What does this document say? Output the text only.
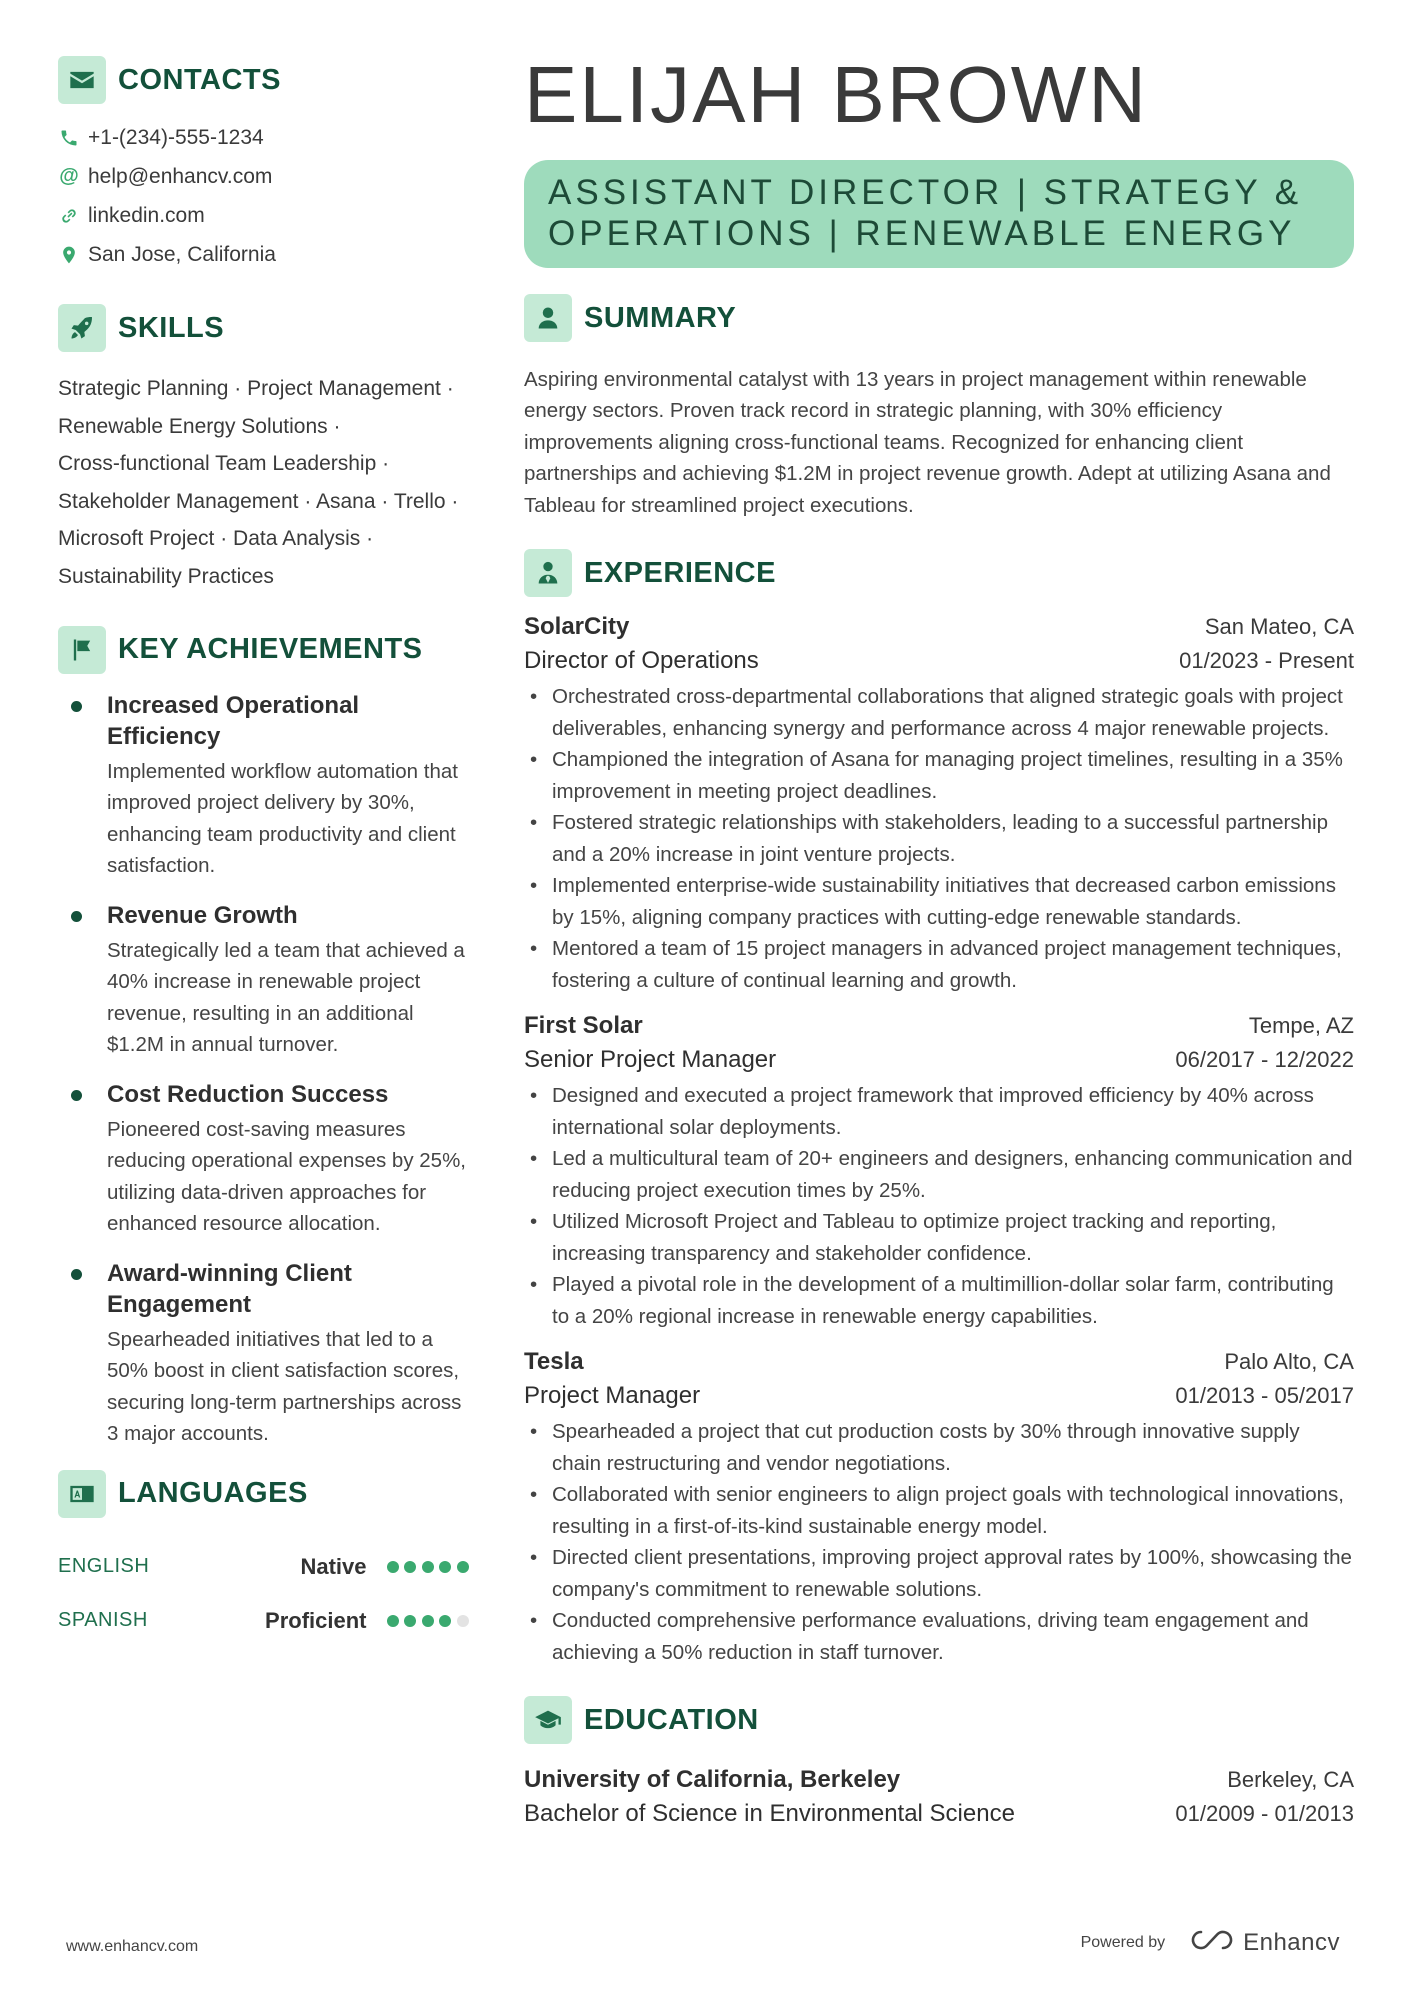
CONTACTS
+1-(234)-555-1234
@ help@enhancv.com
linkedin.com
San Jose, California
SKILLS
Strategic Planning · Project Management ·
Renewable Energy Solutions ·
Cross-functional Team Leadership ·
Stakeholder Management · Asana · Trello ·
Microsoft Project · Data Analysis ·
Sustainability Practices
KEY ACHIEVEMENTS
Increased Operational Efficiency
Implemented workflow automation that improved project delivery by 30%, enhancing team productivity and client satisfaction.
Revenue Growth
Strategically led a team that achieved a 40% increase in renewable project revenue, resulting in an additional $1.2M in annual turnover.
Cost Reduction Success
Pioneered cost-saving measures reducing operational expenses by 25%, utilizing data-driven approaches for enhanced resource allocation.
Award-winning Client Engagement
Spearheaded initiatives that led to a 50% boost in client satisfaction scores, securing long-term partnerships across 3 major accounts.
LANGUAGES
ENGLISH	Native
SPANISH	Proficient
ELIJAH BROWN
ASSISTANT DIRECTOR | STRATEGY &
OPERATIONS | RENEWABLE ENERGY
SUMMARY
Aspiring environmental catalyst with 13 years in project management within renewable energy sectors. Proven track record in strategic planning, with 30% efficiency improvements aligning cross-functional teams. Recognized for enhancing client partnerships and achieving $1.2M in project revenue growth. Adept at utilizing Asana and Tableau for streamlined project executions.
EXPERIENCE
SolarCity	San Mateo, CA
Director of Operations	01/2023 - Present
• Orchestrated cross-departmental collaborations that aligned strategic goals with project deliverables, enhancing synergy and performance across 4 major renewable projects.
• Championed the integration of Asana for managing project timelines, resulting in a 35% improvement in meeting project deadlines.
• Fostered strategic relationships with stakeholders, leading to a successful partnership and a 20% increase in joint venture projects.
• Implemented enterprise-wide sustainability initiatives that decreased carbon emissions by 15%, aligning company practices with cutting-edge renewable standards.
• Mentored a team of 15 project managers in advanced project management techniques, fostering a culture of continual learning and growth.
First Solar	Tempe, AZ
Senior Project Manager	06/2017 - 12/2022
• Designed and executed a project framework that improved efficiency by 40% across international solar deployments.
• Led a multicultural team of 20+ engineers and designers, enhancing communication and reducing project execution times by 25%.
• Utilized Microsoft Project and Tableau to optimize project tracking and reporting, increasing transparency and stakeholder confidence.
• Played a pivotal role in the development of a multimillion-dollar solar farm, contributing to a 20% regional increase in renewable energy capabilities.
Tesla	Palo Alto, CA
Project Manager	01/2013 - 05/2017
• Spearheaded a project that cut production costs by 30% through innovative supply chain restructuring and vendor negotiations.
• Collaborated with senior engineers to align project goals with technological innovations, resulting in a first-of-its-kind sustainable energy model.
• Directed client presentations, improving project approval rates by 100%, showcasing the company's commitment to renewable solutions.
• Conducted comprehensive performance evaluations, driving team engagement and achieving a 50% reduction in staff turnover.
EDUCATION
University of California, Berkeley	Berkeley, CA
Bachelor of Science in Environmental Science	01/2009 - 01/2013
www.enhancv.com	Powered by	Enhancv
